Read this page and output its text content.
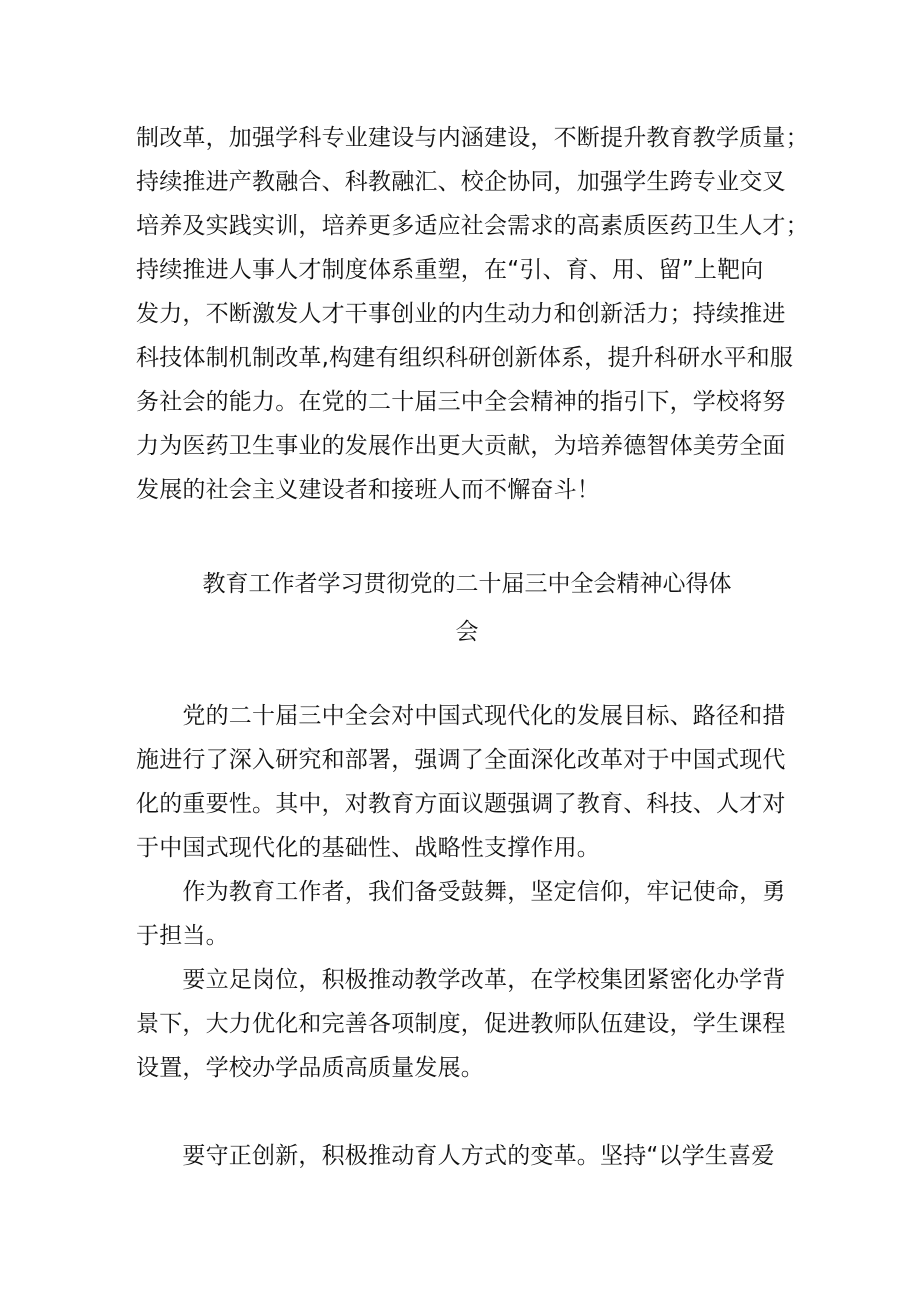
制改革，加强学科专业建设与内涵建设，不断提升教育教学质量；
持续推进产教融合、科教融汇、校企协同，加强学生跨专业交叉
培养及实践实训，培养更多适应社会需求的高素质医药卫生人才；
持续推进人事人才制度体系重塑，在“引、育、用、留”上靶向
发力，不断激发人才干事创业的内生动力和创新活力；持续推进
科技体制机制改革,构建有组织科研创新体系，提升科研水平和服
务社会的能力。在党的二十届三中全会精神的指引下，学校将努
力为医药卫生事业的发展作出更大贡献，为培养德智体美劳全面
发展的社会主义建设者和接班人而不懈奋斗！
教育工作者学习贯彻党的二十届三中全会精神心得体
会
　　党的二十届三中全会对中国式现代化的发展目标、路径和措
施进行了深入研究和部署，强调了全面深化改革对于中国式现代
化的重要性。其中，对教育方面议题强调了教育、科技、人才对
于中国式现代化的基础性、战略性支撑作用。
　　作为教育工作者，我们备受鼓舞，坚定信仰，牢记使命，勇
于担当。
　　要立足岗位，积极推动教学改革，在学校集团紧密化办学背
景下，大力优化和完善各项制度，促进教师队伍建设，学生课程
设置，学校办学品质高质量发展。
　　要守正创新，积极推动育人方式的变革。坚持“以学生喜爱
